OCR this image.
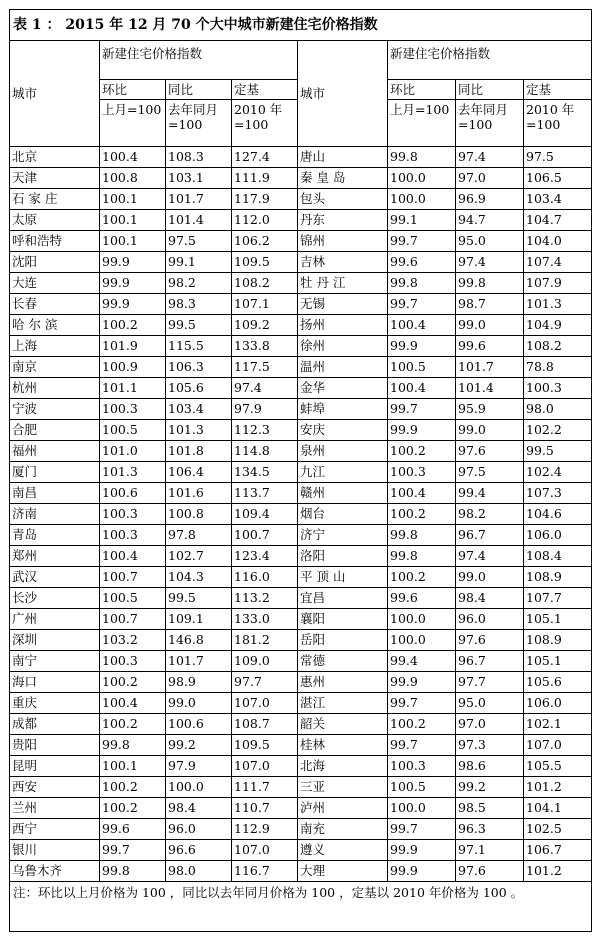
表 1 ： 2015 年 12 月 70 个大中城市新建住宅价格指数							
城市	新建住宅价格指数			城市	新建住宅价格指数		
	环比	同比	定基		环比	同比	定基
	上月=100	去年同月=100	2010 年=100		上月=100	去年同月=100	2010 年=100
北京	100.4	108.3	127.4	唐山	99.8	97.4	97.5
天津	100.8	103.1	111.9	秦 皇 岛	100.0	97.0	106.5
石 家 庄	100.1	101.7	117.9	包头	100.0	96.9	103.4
太原	100.1	101.4	112.0	丹东	99.1	94.7	104.7
呼和浩特	100.1	97.5	106.2	锦州	99.7	95.0	104.0
沈阳	99.9	99.1	109.5	吉林	99.6	97.4	107.4
大连	99.9	98.2	108.2	牡 丹 江	99.8	99.8	107.9
长春	99.9	98.3	107.1	无锡	99.7	98.7	101.3
哈 尔 滨	100.2	99.5	109.2	扬州	100.4	99.0	104.9
上海	101.9	115.5	133.8	徐州	99.9	99.6	108.2
南京	100.9	106.3	117.5	温州	100.5	101.7	78.8
杭州	101.1	105.6	97.4	金华	100.4	101.4	100.3
宁波	100.3	103.4	97.9	蚌埠	99.7	95.9	98.0
合肥	100.5	101.3	112.3	安庆	99.9	99.0	102.2
福州	101.0	101.8	114.8	泉州	100.2	97.6	99.5
厦门	101.3	106.4	134.5	九江	100.3	97.5	102.4
南昌	100.6	101.6	113.7	赣州	100.4	99.4	107.3
济南	100.3	100.8	109.4	烟台	100.2	98.2	104.6
青岛	100.3	97.8	100.7	济宁	99.8	96.7	106.0
郑州	100.4	102.7	123.4	洛阳	99.8	97.4	108.4
武汉	100.7	104.3	116.0	平 顶 山	100.2	99.0	108.9
长沙	100.5	99.5	113.2	宜昌	99.6	98.4	107.7
广州	100.7	109.1	133.0	襄阳	100.0	96.0	105.1
深圳	103.2	146.8	181.2	岳阳	100.0	97.6	108.9
南宁	100.3	101.7	109.0	常德	99.4	96.7	105.1
海口	100.2	98.9	97.7	惠州	99.9	97.7	105.6
重庆	100.4	99.0	107.0	湛江	99.7	95.0	106.0
成都	100.2	100.6	108.7	韶关	100.2	97.0	102.1
贵阳	99.8	99.2	109.5	桂林	99.7	97.3	107.0
昆明	100.1	97.9	107.0	北海	100.3	98.6	105.5
西安	100.2	100.0	111.7	三亚	100.5	99.2	101.2
兰州	100.2	98.4	110.7	泸州	100.0	98.5	104.1
西宁	99.6	96.0	112.9	南充	99.7	96.3	102.5
银川	99.7	96.6	107.0	遵义	99.9	97.1	106.7
乌鲁木齐	99.8	98.0	116.7	大理	99.9	97.6	101.2
注：环比以上月价格为 100 ，同比以去年同月价格为 100 ，定基以 2010 年价格为 100 。							
